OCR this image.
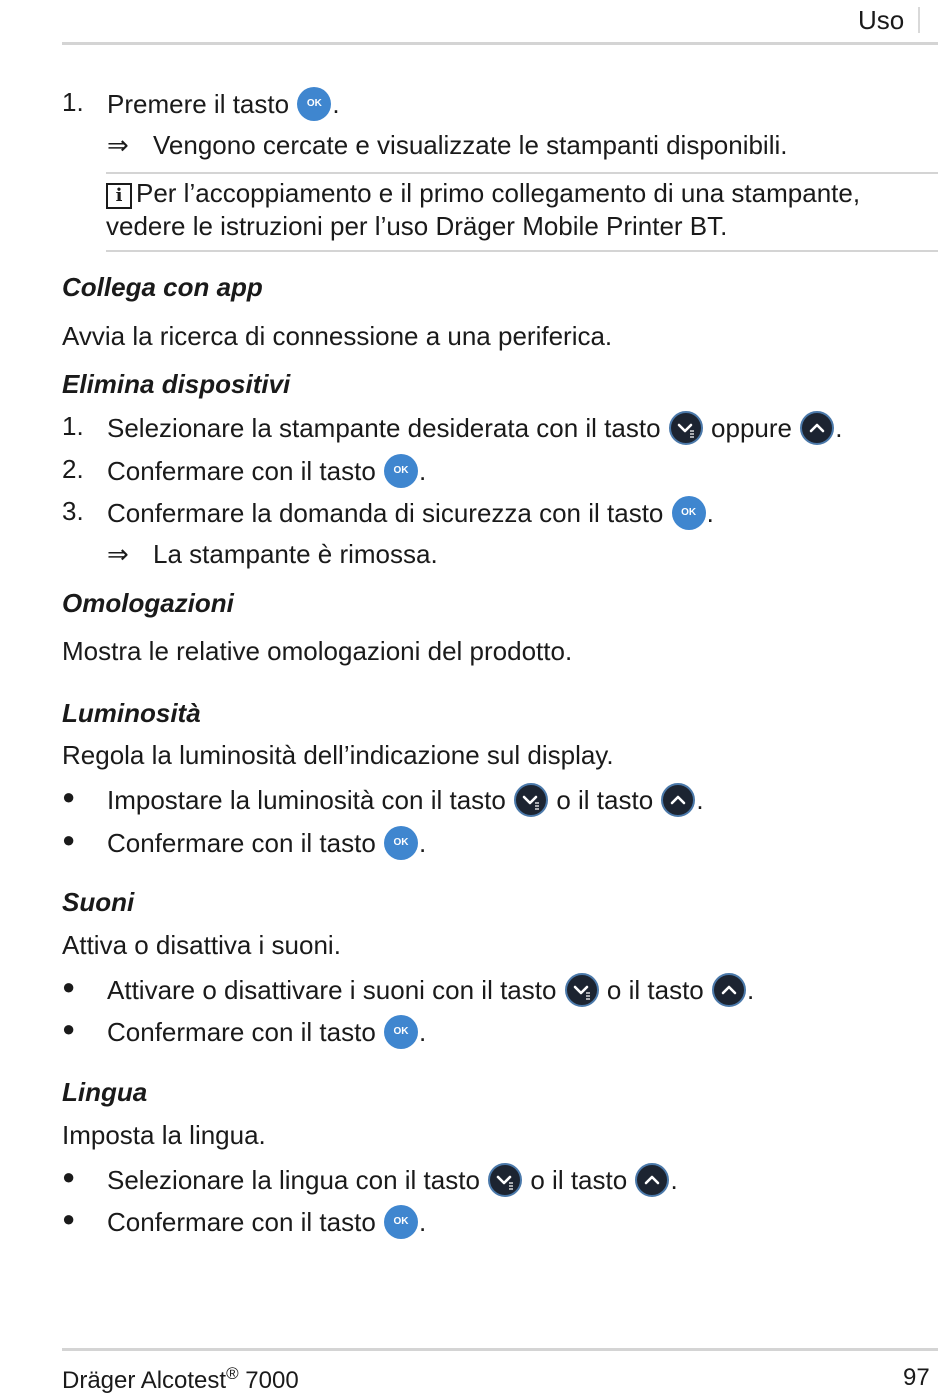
Uso
1. Premere il tasto	OK .
⇒ Vengono cercate e visualizzate le stampanti disponibili.
i Per l’accoppiamento e il primo collegamento di una stampante,
vedere le istruzioni per l’uso Dräger Mobile Printer BT.
Collega con app
Avvia la ricerca di connessione a una periferica.
Elimina dispositivi
1. Selezionare la stampante desiderata con il tasto oppure .
2. Confermare con il tasto	OK .
3. Confermare la domanda di sicurezza con il tasto	OK .
⇒ La stampante è rimossa.
Omologazioni
Mostra le relative omologazioni del prodotto.
Luminosità
Regola la luminosità dell’indicazione sul display.
● Impostare la luminosità con il tasto o il tasto .
● Confermare con il tasto	OK .
Suoni
Attiva o disattiva i suoni.
● Attivare o disattivare i suoni con il tasto o il tasto .
● Confermare con il tasto	OK .
Lingua
Imposta la lingua.
● Selezionare la lingua con il tasto o il tasto .
● Confermare con il tasto	OK .
Dräger Alcotest® 7000	97
